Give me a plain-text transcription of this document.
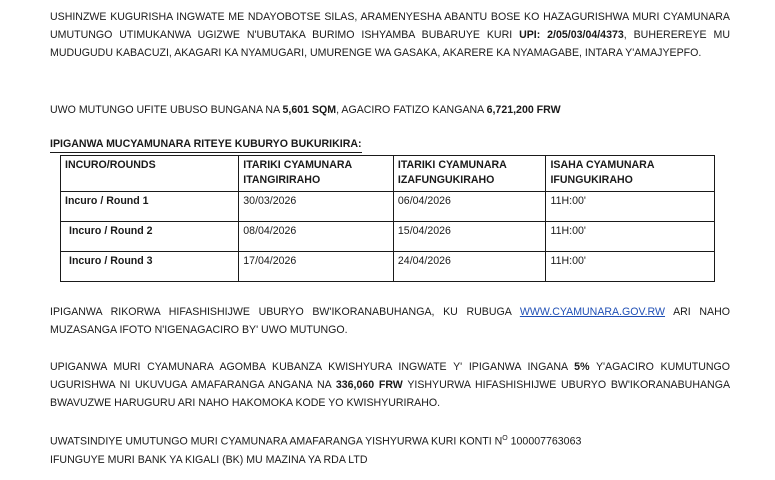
USHINZWE KUGURISHA INGWATE ME NDAYOBOTSE SILAS, ARAMENYESHA ABANTU BOSE KO HAZAGURISHWA MURI CYAMUNARA UMUTUNGO UTIMUKANWA UGIZWE N'UBUTAKA BURIMO ISHYAMBA BUBARUYE KURI UPI: 2/05/03/04/4373, BUHEREREYE MU MUDUGUDU KABACUZI, AKAGARI KA NYAMUGARI, UMURENGE WA GASAKA, AKARERE KA NYAMAGABE, INTARA Y'AMAJYEPFO.

UWO MUTUNGO UFITE UBUSO BUNGANA NA 5,601 SQM, AGACIRO FATIZO KANGANA 6,721,200 FRW

IPIGANWA MUCYAMUNARA RITEYE KUBURYO BUKURIKIRA:

INCURO/ROUNDS	ITARIKI CYAMUNARA ITANGIRIRAHO	ITARIKI CYAMUNARA IZAFUNGUKIRAHO	ISAHA CYAMUNARA IFUNGUKIRAHO
Incuro / Round 1	30/03/2026	06/04/2026	11H:00'
Incuro / Round 2	08/04/2026	15/04/2026	11H:00'
Incuro / Round 3	17/04/2026	24/04/2026	11H:00'

IPIGANWA RIKORWA HIFASHISHIJWE UBURYO BW'IKORANABUHANGA, KU RUBUGA WWW.CYAMUNARA.GOV.RW ARI NAHO MUZASANGA IFOTO N'IGENAGACIRO BY' UWO MUTUNGO.

UPIGANWA MURI CYAMUNARA AGOMBA KUBANZA KWISHYURA INGWATE Y' IPIGANWA INGANA 5% Y'AGACIRO KUMUTUNGO UGURISHWA NI UKUVUGA AMAFARANGA ANGANA NA 336,060 FRW YISHYURWA HIFASHISHIJWE UBURYO BW'IKORANABUHANGA BWAVUZWE HARUGURU ARI NAHO HAKOMOKA KODE YO KWISHYURIRAHO.

UWATSINDIYE UMUTUNGO MURI CYAMUNARA AMAFARANGA YISHYURWA KURI KONTI $N^O$ 100007763063
IFUNGUYE MURI BANK YA KIGALI (BK) MU MAZINA YA RDA LTD
